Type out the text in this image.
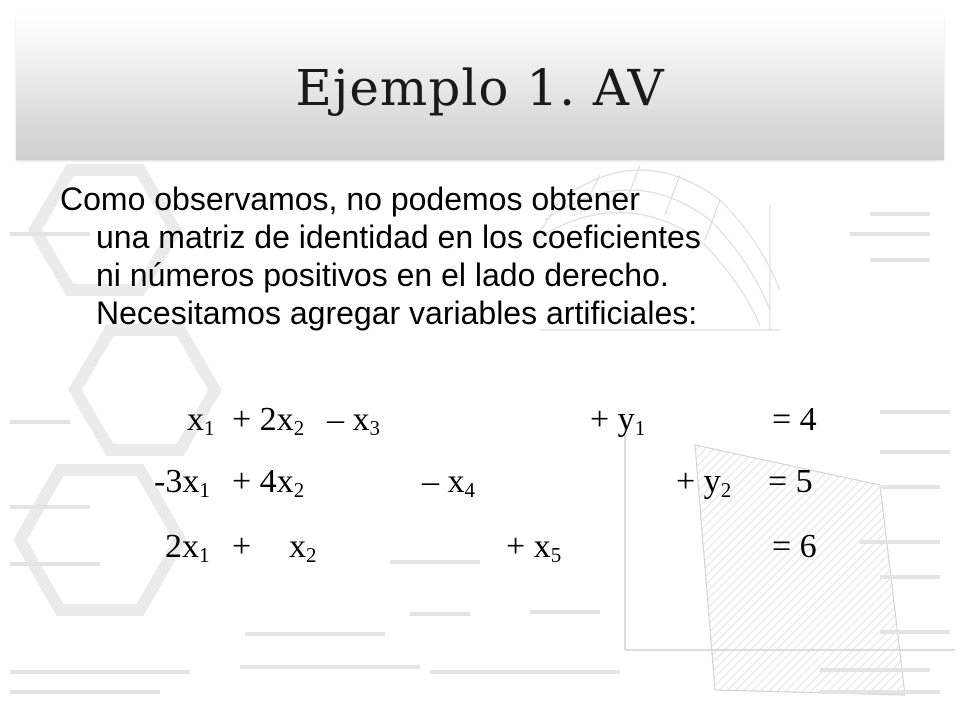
Ejemplo 1. AV

Como observamos, no podemos obtener
una matriz de identidad en los coeficientes
ni números positivos en el lado derecho.
Necesitamos agregar variables artificiales:

$x_1 + 2x_2 - x_3$	+ $y_1$	= 4
$-3x_1 + 4x_2$	– $x_4$	+ $y_2 = 5$
$2x_1 + x_2$	+ $x_5$	= 6
